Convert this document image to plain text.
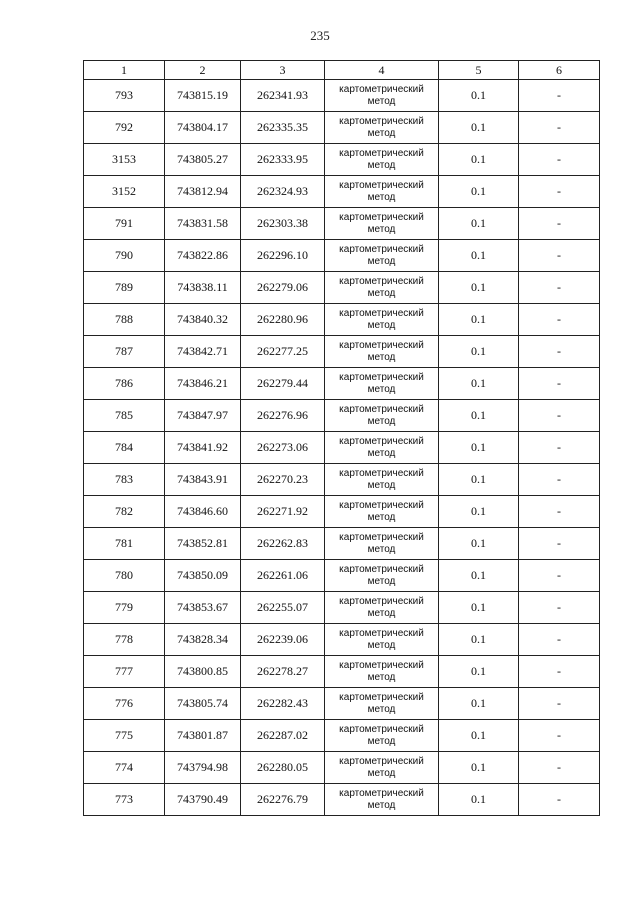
235
1	2	3	4	5	6
793	743815.19	262341.93	картометрический метод	0.1	-
792	743804.17	262335.35	картометрический метод	0.1	-
3153	743805.27	262333.95	картометрический метод	0.1	-
3152	743812.94	262324.93	картометрический метод	0.1	-
791	743831.58	262303.38	картометрический метод	0.1	-
790	743822.86	262296.10	картометрический метод	0.1	-
789	743838.11	262279.06	картометрический метод	0.1	-
788	743840.32	262280.96	картометрический метод	0.1	-
787	743842.71	262277.25	картометрический метод	0.1	-
786	743846.21	262279.44	картометрический метод	0.1	-
785	743847.97	262276.96	картометрический метод	0.1	-
784	743841.92	262273.06	картометрический метод	0.1	-
783	743843.91	262270.23	картометрический метод	0.1	-
782	743846.60	262271.92	картометрический метод	0.1	-
781	743852.81	262262.83	картометрический метод	0.1	-
780	743850.09	262261.06	картометрический метод	0.1	-
779	743853.67	262255.07	картометрический метод	0.1	-
778	743828.34	262239.06	картометрический метод	0.1	-
777	743800.85	262278.27	картометрический метод	0.1	-
776	743805.74	262282.43	картометрический метод	0.1	-
775	743801.87	262287.02	картометрический метод	0.1	-
774	743794.98	262280.05	картометрический метод	0.1	-
773	743790.49	262276.79	картометрический метод	0.1	-
